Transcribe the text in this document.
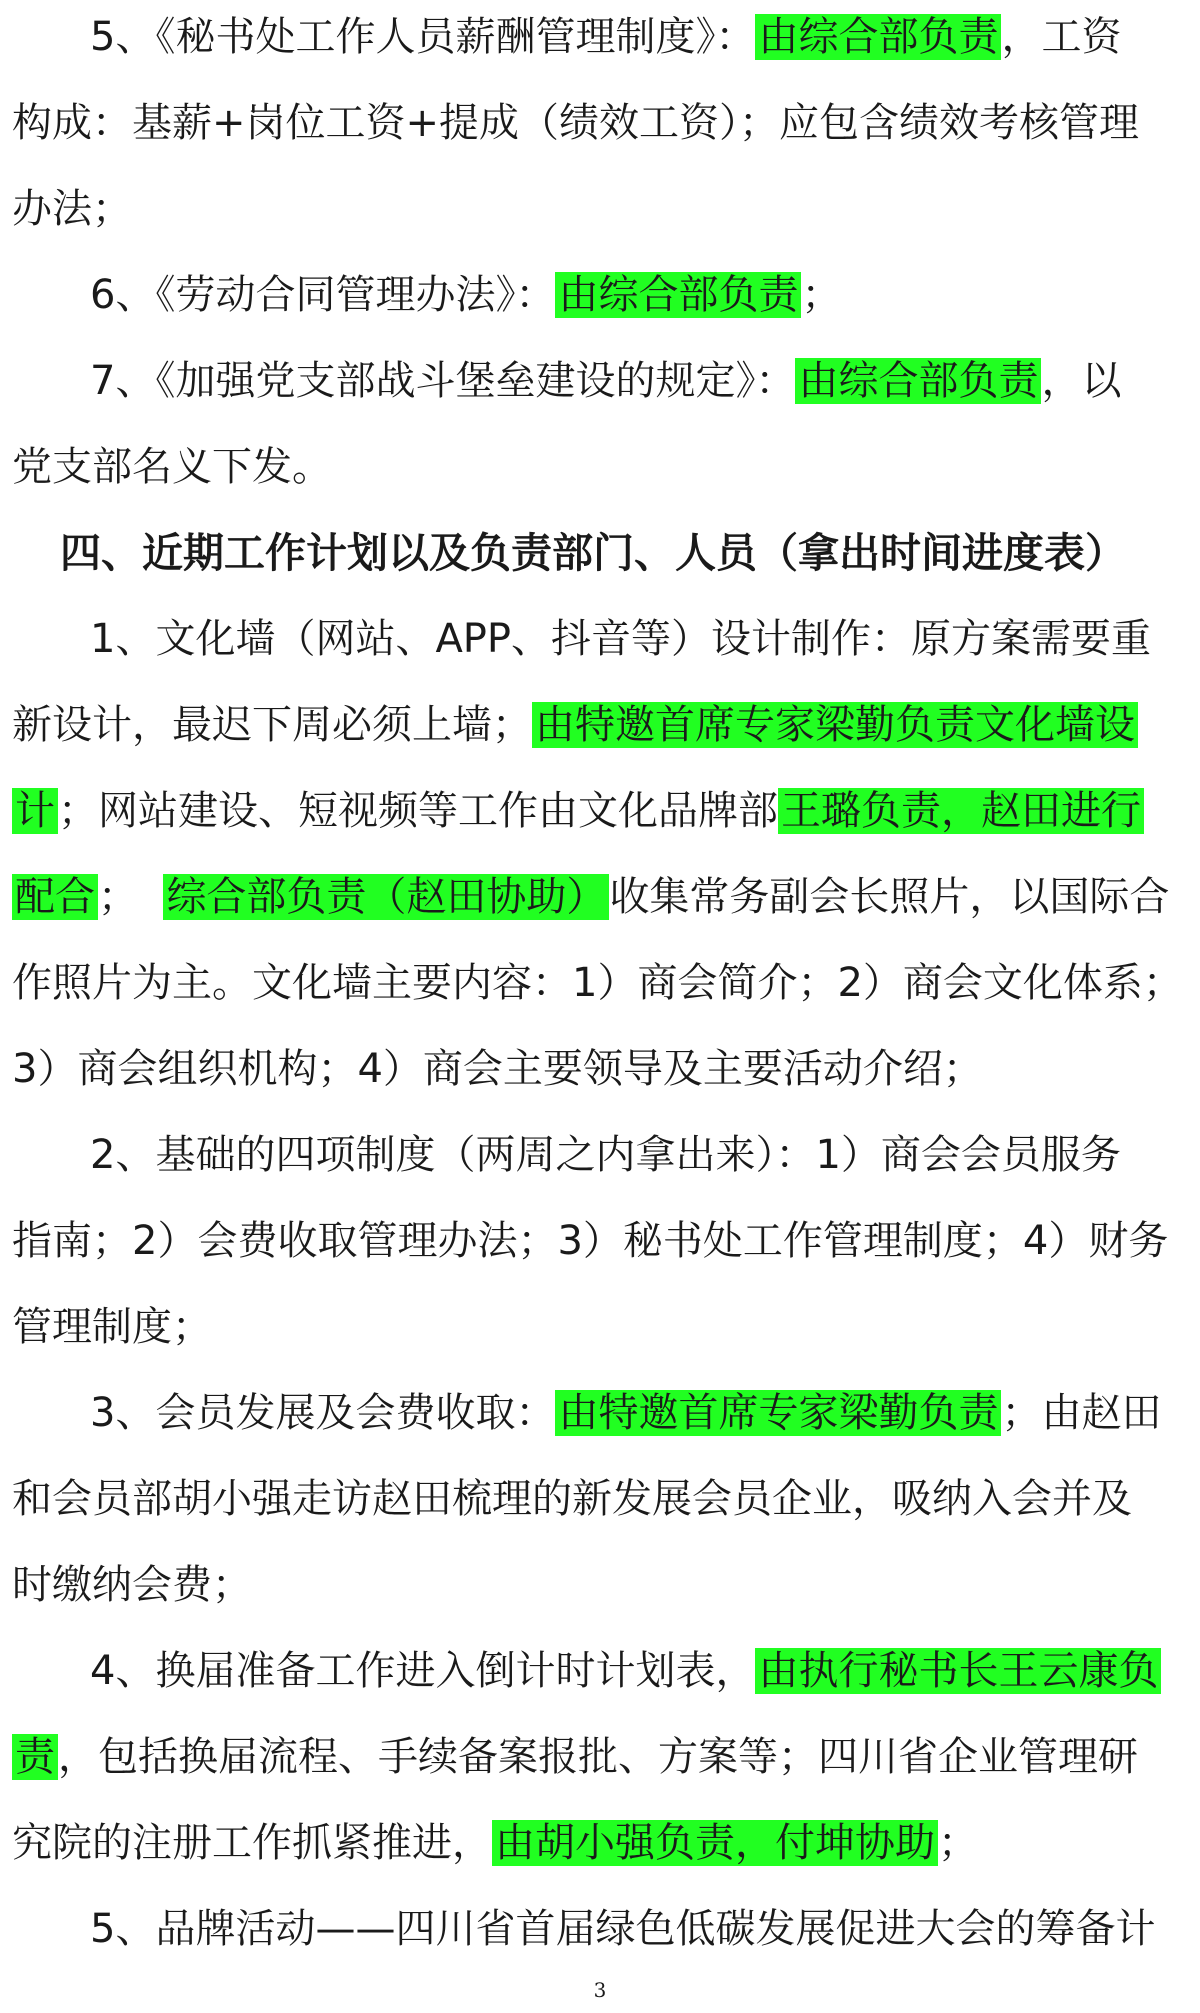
5、《秘书处工作人员薪酬管理制度》：由综合部负责，工资
构成：基薪+岗位工资+提成（绩效工资）；应包含绩效考核管理
办法；
6、《劳动合同管理办法》：由综合部负责；
7、《加强党支部战斗堡垒建设的规定》：由综合部负责，以
党支部名义下发。
四、近期工作计划以及负责部门、人员（拿出时间进度表）
1、文化墙（网站、APP、抖音等）设计制作：原方案需要重
新设计，最迟下周必须上墙；由特邀首席专家梁勤负责文化墙设
计；网站建设、短视频等工作由文化品牌部王璐负责，赵田进行
配合；  综合部负责（赵田协助）收集常务副会长照片，以国际合
作照片为主。文化墙主要内容：1）商会简介；2）商会文化体系；
3）商会组织机构；4）商会主要领导及主要活动介绍；
2、基础的四项制度（两周之内拿出来）：1）商会会员服务
指南；2）会费收取管理办法；3）秘书处工作管理制度；4）财务
管理制度；
3、会员发展及会费收取：由特邀首席专家梁勤负责；由赵田
和会员部胡小强走访赵田梳理的新发展会员企业，吸纳入会并及
时缴纳会费；
4、换届准备工作进入倒计时计划表，由执行秘书长王云康负
责，包括换届流程、手续备案报批、方案等；四川省企业管理研
究院的注册工作抓紧推进，由胡小强负责，付坤协助；
5、品牌活动——四川省首届绿色低碳发展促进大会的筹备计
3
